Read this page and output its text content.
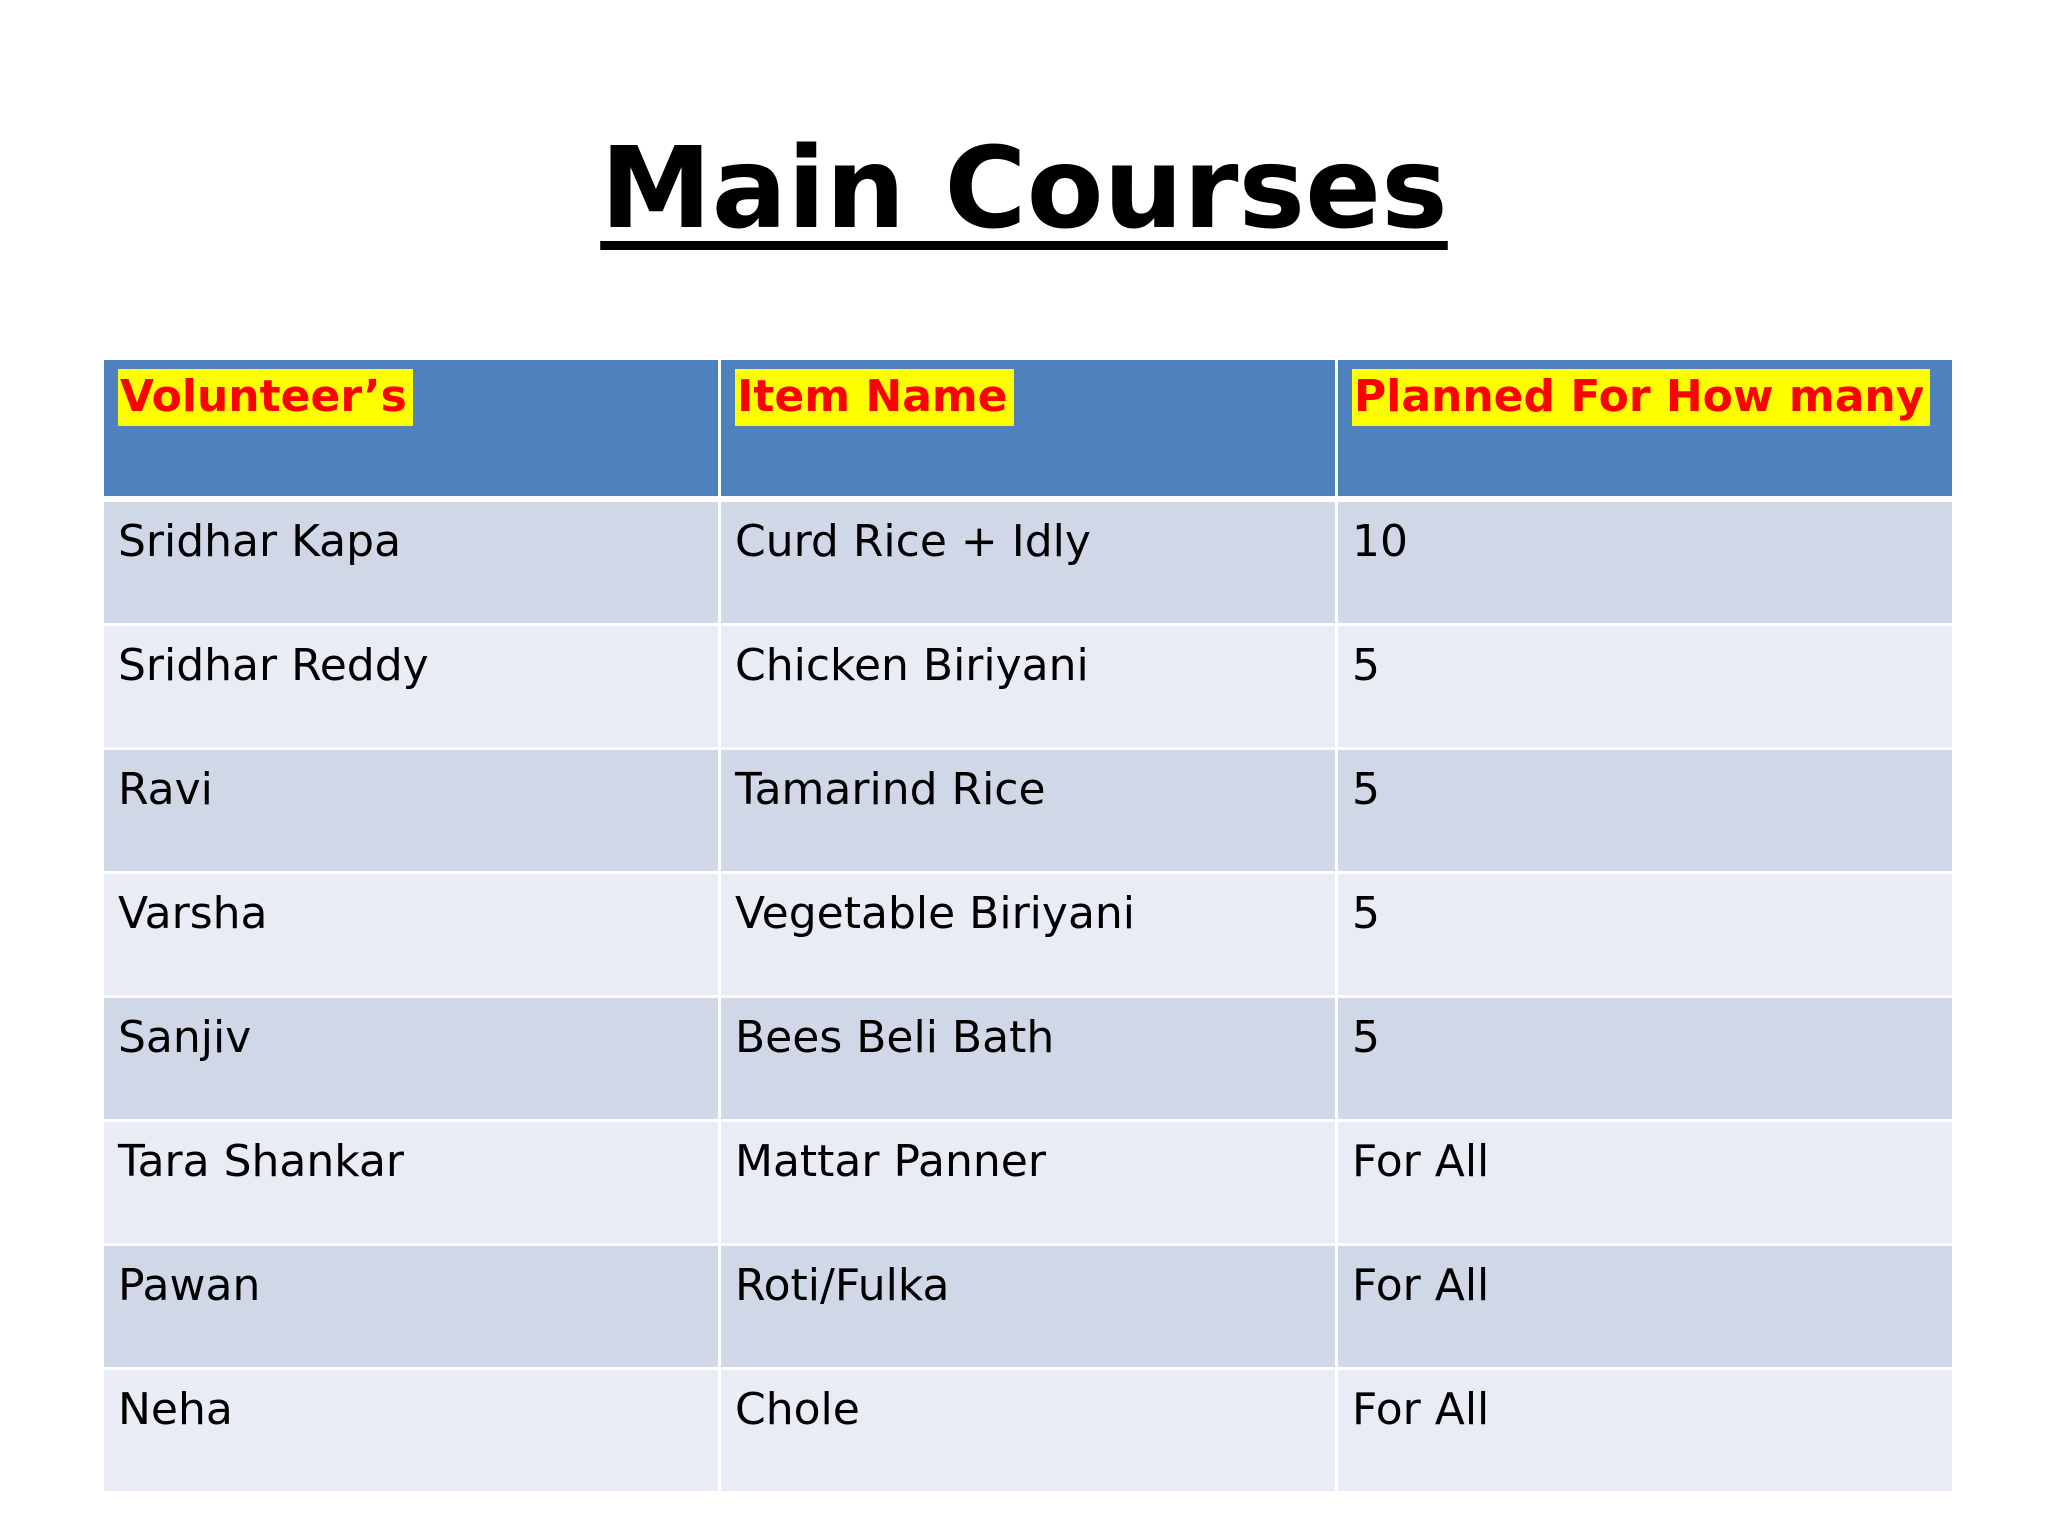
Main Courses
Volunteer’s	Item Name	Planned For How many
Sridhar Kapa	Curd Rice + Idly	10
Sridhar Reddy	Chicken Biriyani	5
Ravi	Tamarind Rice	5
Varsha	Vegetable Biriyani	5
Sanjiv	Bees Beli Bath	5
Tara Shankar	Mattar Panner	For All
Pawan	Roti/Fulka	For All
Neha	Chole	For All
